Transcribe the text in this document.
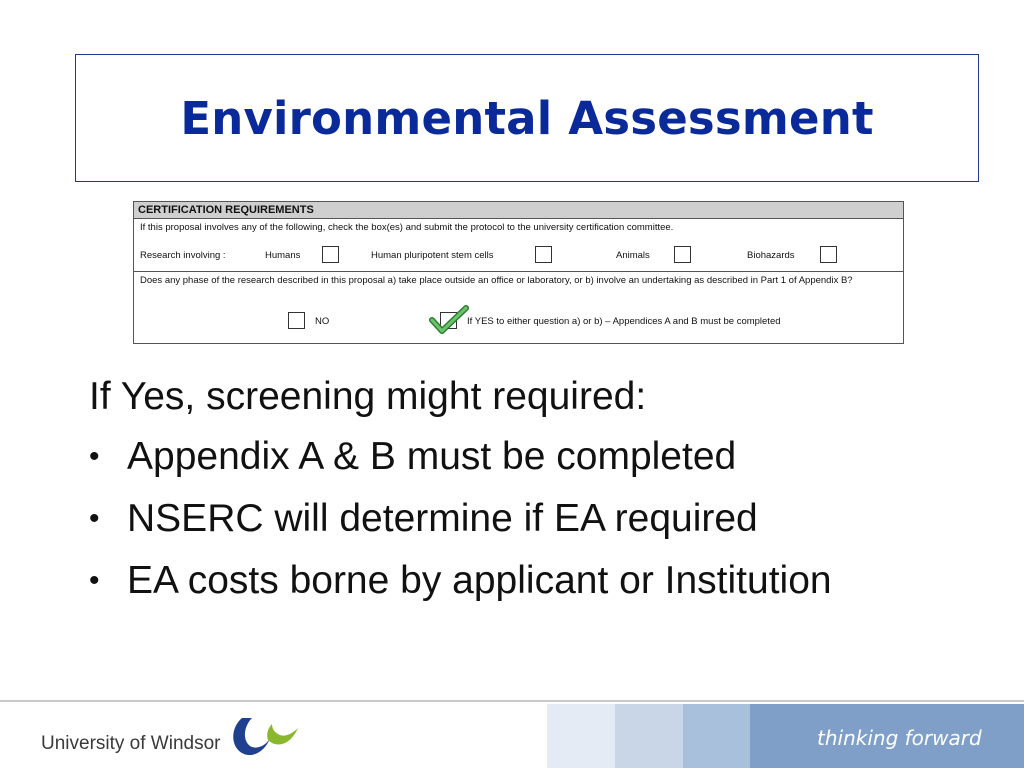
Environmental Assessment
CERTIFICATION REQUIREMENTS
If this proposal involves any of the following, check the box(es) and submit the protocol to the university certification committee.
Research involving :	Humans	Human pluripotent stem cells	Animals	Biohazards
Does any phase of the research described in this proposal a) take place outside an office or laboratory, or b) involve an undertaking as described in Part 1 of Appendix B?
NO	If YES to either question a) or b) – Appendices A and B must be completed
If Yes, screening might required:
• Appendix A & B must be completed
• NSERC will determine if EA required
• EA costs borne by applicant or Institution
University of Windsor	thinking forward
